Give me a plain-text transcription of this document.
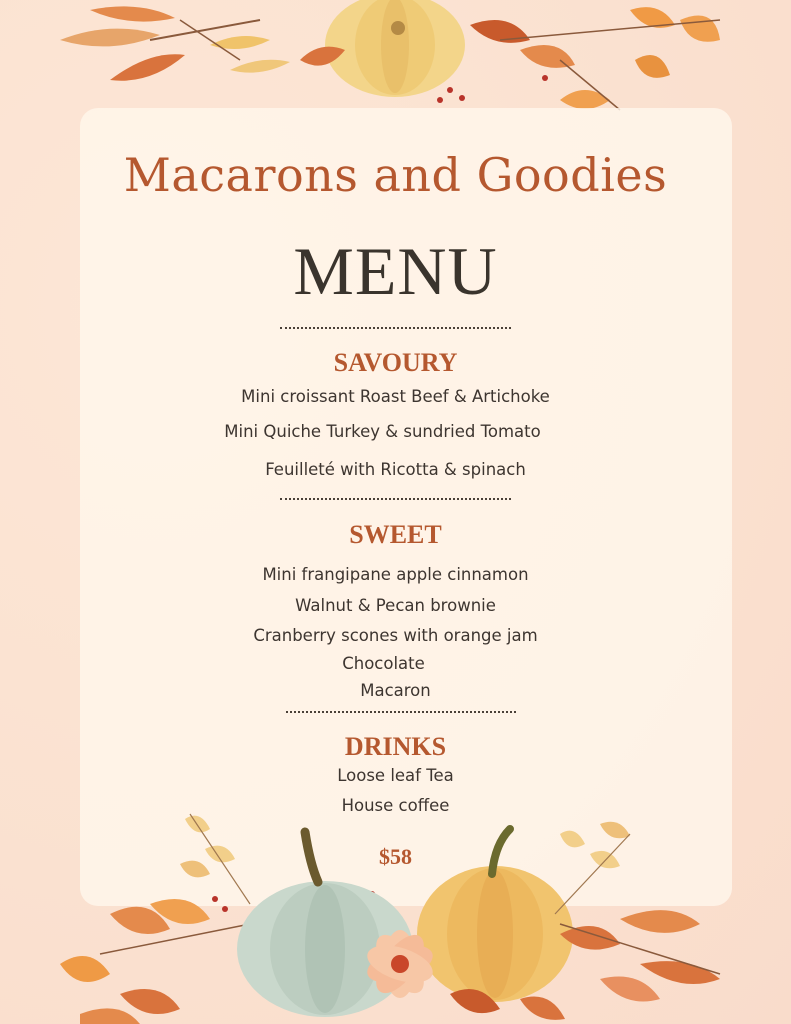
Macarons and Goodies
MENU
SAVOURY
Mini croissant Roast Beef & Artichoke
Mini Quiche Turkey & sundried Tomato
Feuilleté with Ricotta & spinach
SWEET
Mini frangipane apple cinnamon
Walnut & Pecan brownie
Cranberry scones with orange jam
Chocolate
Macaron
DRINKS
Loose leaf Tea
House coffee
$58
